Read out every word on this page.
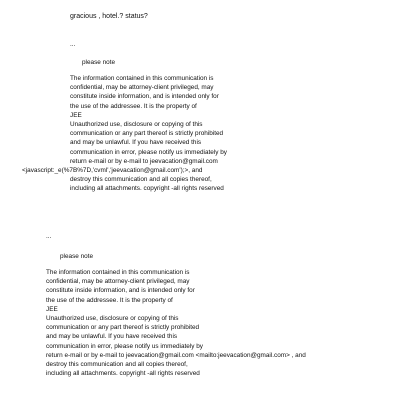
gracious , hotel.? status?
...
please note
The information contained in this communication is
confidential, may be attorney-client privileged, may
constitute inside information, and is intended only for
the use of the addressee. It is the property of
JEE
Unauthorized use, disclosure or copying of this
communication or any part thereof is strictly prohibited
and may be unlawful. If you have received this
communication in error, please notify us immediately by
return e-mail or by e-mail to jeevacation@gmail.com
<javascript:_e(%7B%7D,'cvml','jeevacation@gmail.com');>, and
destroy this communication and all copies thereof,
including all attachments. copyright -all rights reserved
...
please note
The information contained in this communication is
confidential, may be attorney-client privileged, may
constitute inside information, and is intended only for
the use of the addressee. It is the property of
JEE
Unauthorized use, disclosure or copying of this
communication or any part thereof is strictly prohibited
and may be unlawful. If you have received this
communication in error, please notify us immediately by
return e-mail or by e-mail to jeevacation@gmail.com <mailto:jeevacation@gmail.com> , and
destroy this communication and all copies thereof,
including all attachments. copyright -all rights reserved
